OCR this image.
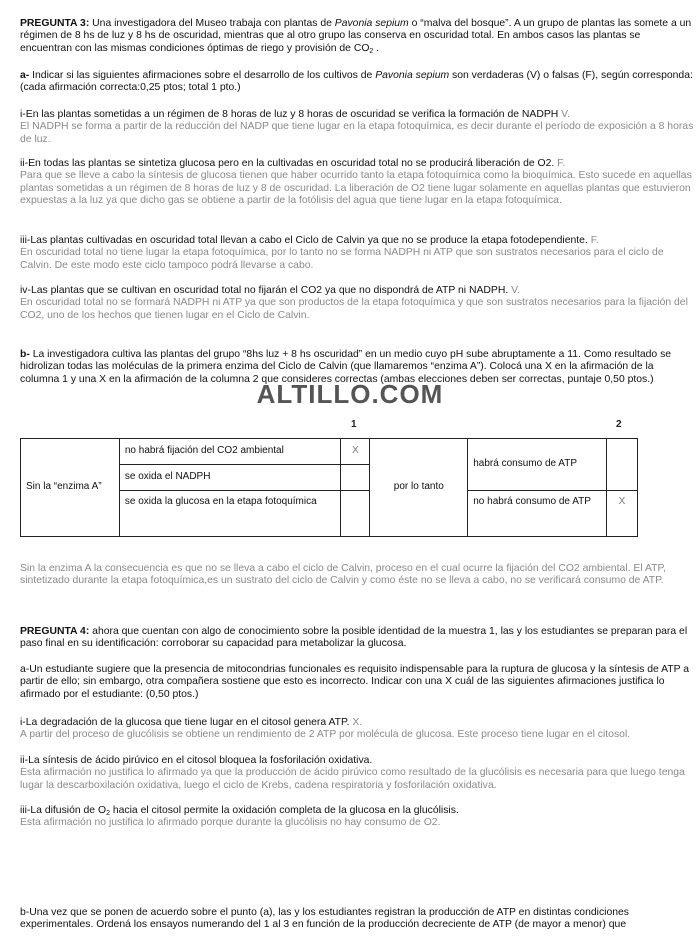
PREGUNTA 3: Una investigadora del Museo trabaja con plantas de Pavonia sepium o “malva del bosque”. A un grupo de plantas las somete a un régimen de 8 hs de luz y 8 hs de oscuridad, mientras que al otro grupo las conserva en oscuridad total. En ambos casos las plantas se encuentran con las mismas condiciones óptimas de riego y provisión de $CO_2$ .

a- Indicar si las siguientes afirmaciones sobre el desarrollo de los cultivos de Pavonia sepium son verdaderas (V) o falsas (F), según corresponda: (cada afirmación correcta:0,25 ptos; total 1 pto.)

i-En las plantas sometidas a un régimen de 8 horas de luz y 8 horas de oscuridad se verifica la formación de NADPH V.

El NADPH se forma a partir de la reducción del NADP que tiene lugar en la etapa fotoquímica, es decir durante el período de exposición a 8 horas de luz.

ii-En todas las plantas se sintetiza glucosa pero en la cultivadas en oscuridad total no se producirá liberación de O2. F.

Para que se lleve a cabo la síntesis de glucosa tienen que haber ocurrido tanto la etapa fotoquímica como la bioquímica. Esto sucede en aquellas plantas sometidas a un régimen de 8 horas de luz y 8 de oscuridad. La liberación de O2 tiene lugar solamente en aquellas plantas que estuvieron expuestas a la luz ya que dicho gas se obtiene a partir de la fotólisis del agua que tiene lugar en la etapa fotoquímica.

iii-Las plantas cultivadas en oscuridad total llevan a cabo el Ciclo de Calvin ya que no se produce la etapa fotodependiente. F.

En oscuridad total no tiene lugar la etapa fotoquímica, por lo tanto no se forma NADPH ni ATP que son sustratos necesarios para el ciclo de Calvin. De este modo este ciclo tampoco podrá llevarse a cabo.

iv-Las plantas que se cultivan en oscuridad total no fijarán el CO2 ya que no dispondrá de ATP ni NADPH. V.

En oscuridad total no se formará NADPH ni ATP ya que son productos de la etapa fotoquímica y que son sustratos necesarios para la fijación del CO2, uno de los hechos que tienen lugar en el Ciclo de Calvin.

b- La investigadora cultiva las plantas del grupo “8hs luz + 8 hs oscuridad” en un medio cuyo pH sube abruptamente a 11. Como resultado se hidrolizan todas las moléculas de la primera enzima del Ciclo de Calvin (que llamaremos “enzima A”). Colocá una X en la afirmación de la columna 1 y una X en la afirmación de la columna 2 que consideres correctas (ambas elecciones deben ser correctas, puntaje 0,50 ptos.)

ALTILLO.COM
1	2
Sin la “enzima A”	no habrá fijación del CO2 ambiental	X	por lo tanto	habrá consumo de ATP	
	se oxida el NADPH				
	se oxida la glucosa en la etapa fotoquímica			no habrá consumo de ATP	X

Sin la enzima A la consecuencia es que no se lleva a cabo el ciclo de Calvin, proceso en el cual ocurre la fijación del CO2 ambiental. El ATP, sintetizado durante la etapa fotoquímica,es un sustrato del ciclo de Calvin y como éste no se lleva a cabo, no se verificará consumo de ATP.

PREGUNTA 4: ahora que cuentan con algo de conocimiento sobre la posible identidad de la muestra 1, las y los estudiantes se preparan para el paso final en su identificación: corroborar su capacidad para metabolizar la glucosa.

a-Un estudiante sugiere que la presencia de mitocondrias funcionales es requisito indispensable para la ruptura de glucosa y la síntesis de ATP a partir de ello; sin embargo, otra compañera sostiene que esto es incorrecto. Indicar con una X cuál de las siguientes afirmaciones justifica lo afirmado por el estudiante: (0,50 ptos.)

i-La degradación de la glucosa que tiene lugar en el citosol genera ATP. X.

A partir del proceso de glucólisis se obtiene un rendimiento de 2 ATP por molécula de glucosa. Este proceso tiene lugar en el citosol.

ii-La síntesis de ácido pirúvico en el citosol bloquea la fosforilación oxidativa.

Esta afirmación no justifica lo afirmado ya que la producción de ácido pirúvico como resultado de la glucólisis es necesaria para que luego tenga lugar la descarboxilación oxidativa, luego el ciclo de Krebs, cadena respiratoria y fosforilación oxidativa.

iii-La difusión de $O_2$ hacia el citosol permite la oxidación completa de la glucosa en la glucólisis.

Esta afirmación no justifica lo afirmado porque durante la glucólisis no hay consumo de O2.

b-Una vez que se ponen de acuerdo sobre el punto (a), las y los estudiantes registran la producción de ATP en distintas condiciones experimentales. Ordená los ensayos numerando del 1 al 3 en función de la producción decreciente de ATP (de mayor a menor) que
